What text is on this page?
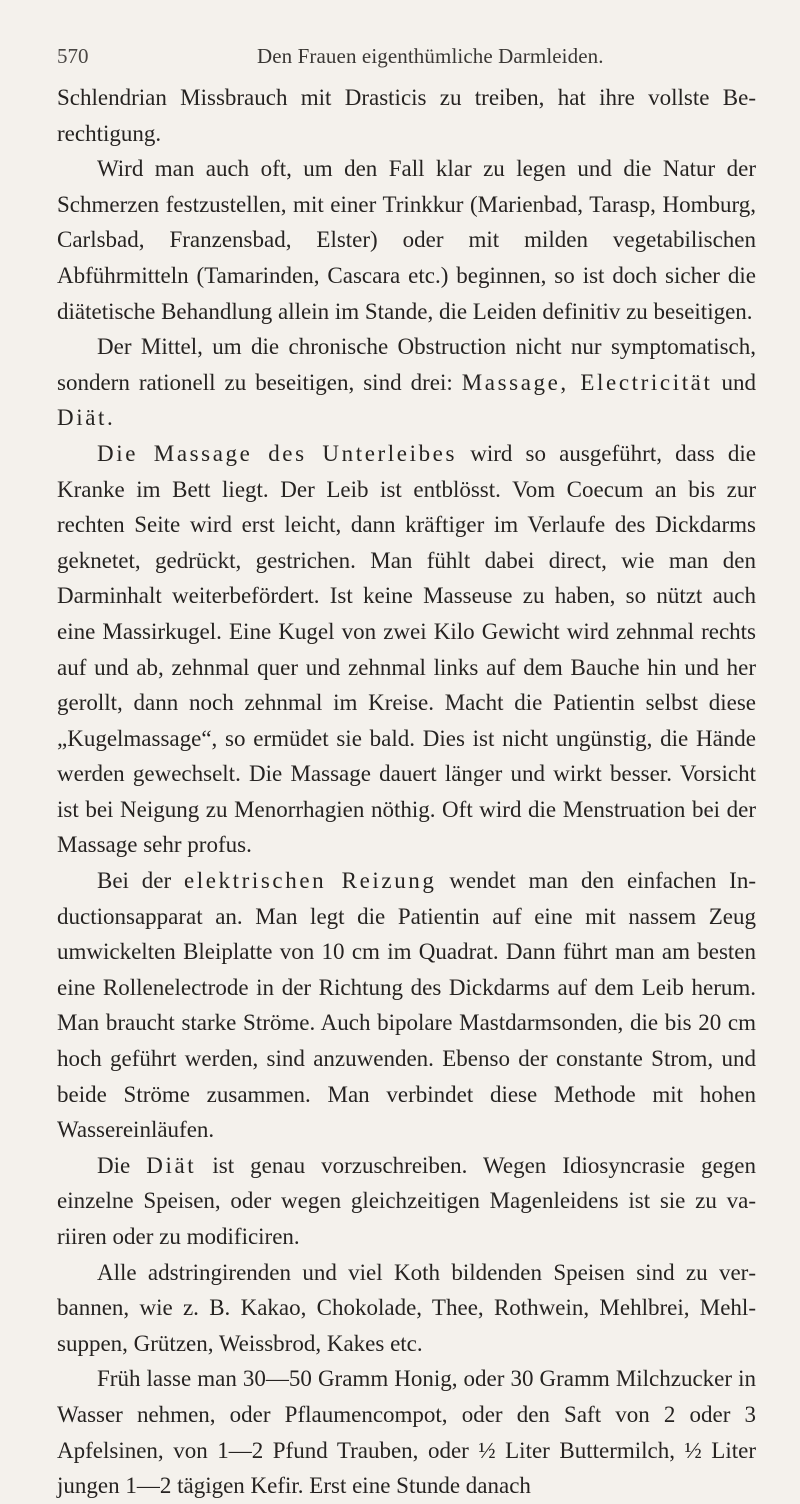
570	Den Frauen eigenthümliche Darmleiden.

Schlendrian Missbrauch mit Drasticis zu treiben, hat ihre vollste Berechtigung.

Wird man auch oft, um den Fall klar zu legen und die Natur der Schmerzen festzustellen, mit einer Trinkkur (Marienbad, Tarasp, Homburg, Carlsbad, Franzensbad, Elster) oder mit milden vegetabilischen Abführmitteln (Tamarinden, Cascara etc.) beginnen, so ist doch sicher die diätetische Behandlung allein im Stande, die Leiden definitiv zu beseitigen.

Der Mittel, um die chronische Obstruction nicht nur symptomatisch, sondern rationell zu beseitigen, sind drei: Massage, Electricität und Diät.

Die Massage des Unterleibes wird so ausgeführt, dass die Kranke im Bett liegt. Der Leib ist entblösst. Vom Coecum an bis zur rechten Seite wird erst leicht, dann kräftiger im Verlaufe des Dickdarms geknetet, gedrückt, gestrichen. Man fühlt dabei direct, wie man den Darminhalt weiterbefördert. Ist keine Masseuse zu haben, so nützt auch eine Massirkugel. Eine Kugel von zwei Kilo Gewicht wird zehnmal rechts auf und ab, zehnmal quer und zehnmal links auf dem Bauche hin und her gerollt, dann noch zehnmal im Kreise. Macht die Patientin selbst diese „Kugelmassage“, so ermüdet sie bald. Dies ist nicht ungünstig, die Hände werden gewechselt. Die Massage dauert länger und wirkt besser. Vorsicht ist bei Neigung zu Menorrhagien nöthig. Oft wird die Menstruation bei der Massage sehr profus.

Bei der elektrischen Reizung wendet man den einfachen Inductionsapparat an. Man legt die Patientin auf eine mit nassem Zeug umwickelten Bleiplatte von 10 cm im Quadrat. Dann führt man am besten eine Rollenelectrode in der Richtung des Dickdarms auf dem Leib herum. Man braucht starke Ströme. Auch bipolare Mastdarmsonden, die bis 20 cm hoch geführt werden, sind anzuwenden. Ebenso der constante Strom, und beide Ströme zusammen. Man verbindet diese Methode mit hohen Wassereinläufen.

Die Diät ist genau vorzuschreiben. Wegen Idiosyncrasie gegen einzelne Speisen, oder wegen gleichzeitigen Magenleidens ist sie zu variiren oder zu modificiren.

Alle adstringirenden und viel Koth bildenden Speisen sind zu verbannen, wie z. B. Kakao, Chokolade, Thee, Rothwein, Mehlbrei, Mehlsuppen, Grützen, Weissbrod, Kakes etc.

Früh lasse man 30—50 Gramm Honig, oder 30 Gramm Milchzucker in Wasser nehmen, oder Pflaumencompot, oder den Saft von 2 oder 3 Apfelsinen, von 1—2 Pfund Trauben, oder ½ Liter Buttermilch, ½ Liter jungen 1—2 tägigen Kefir. Erst eine Stunde danach
